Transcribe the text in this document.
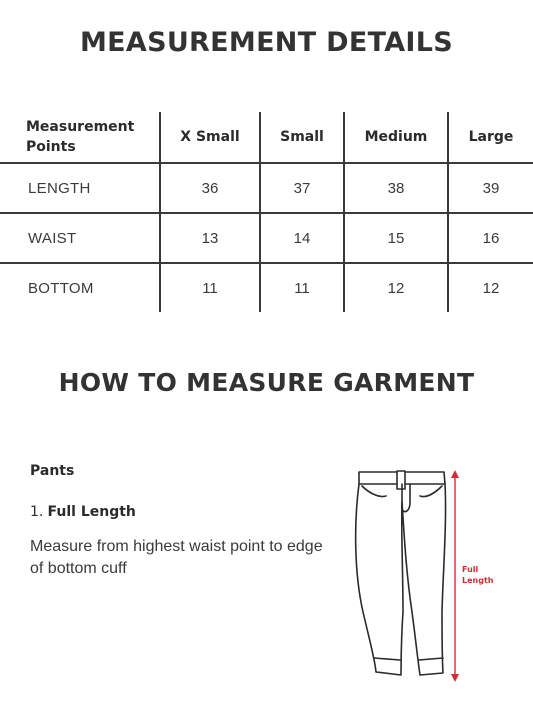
MEASUREMENT DETAILS
Measurement Points	X Small	Small	Medium	Large
LENGTH	36	37	38	39
WAIST	13	14	15	16
BOTTOM	11	11	12	12
HOW TO MEASURE GARMENT
Pants
1. Full Length
Measure from highest waist point to edge of bottom cuff	Full Length
